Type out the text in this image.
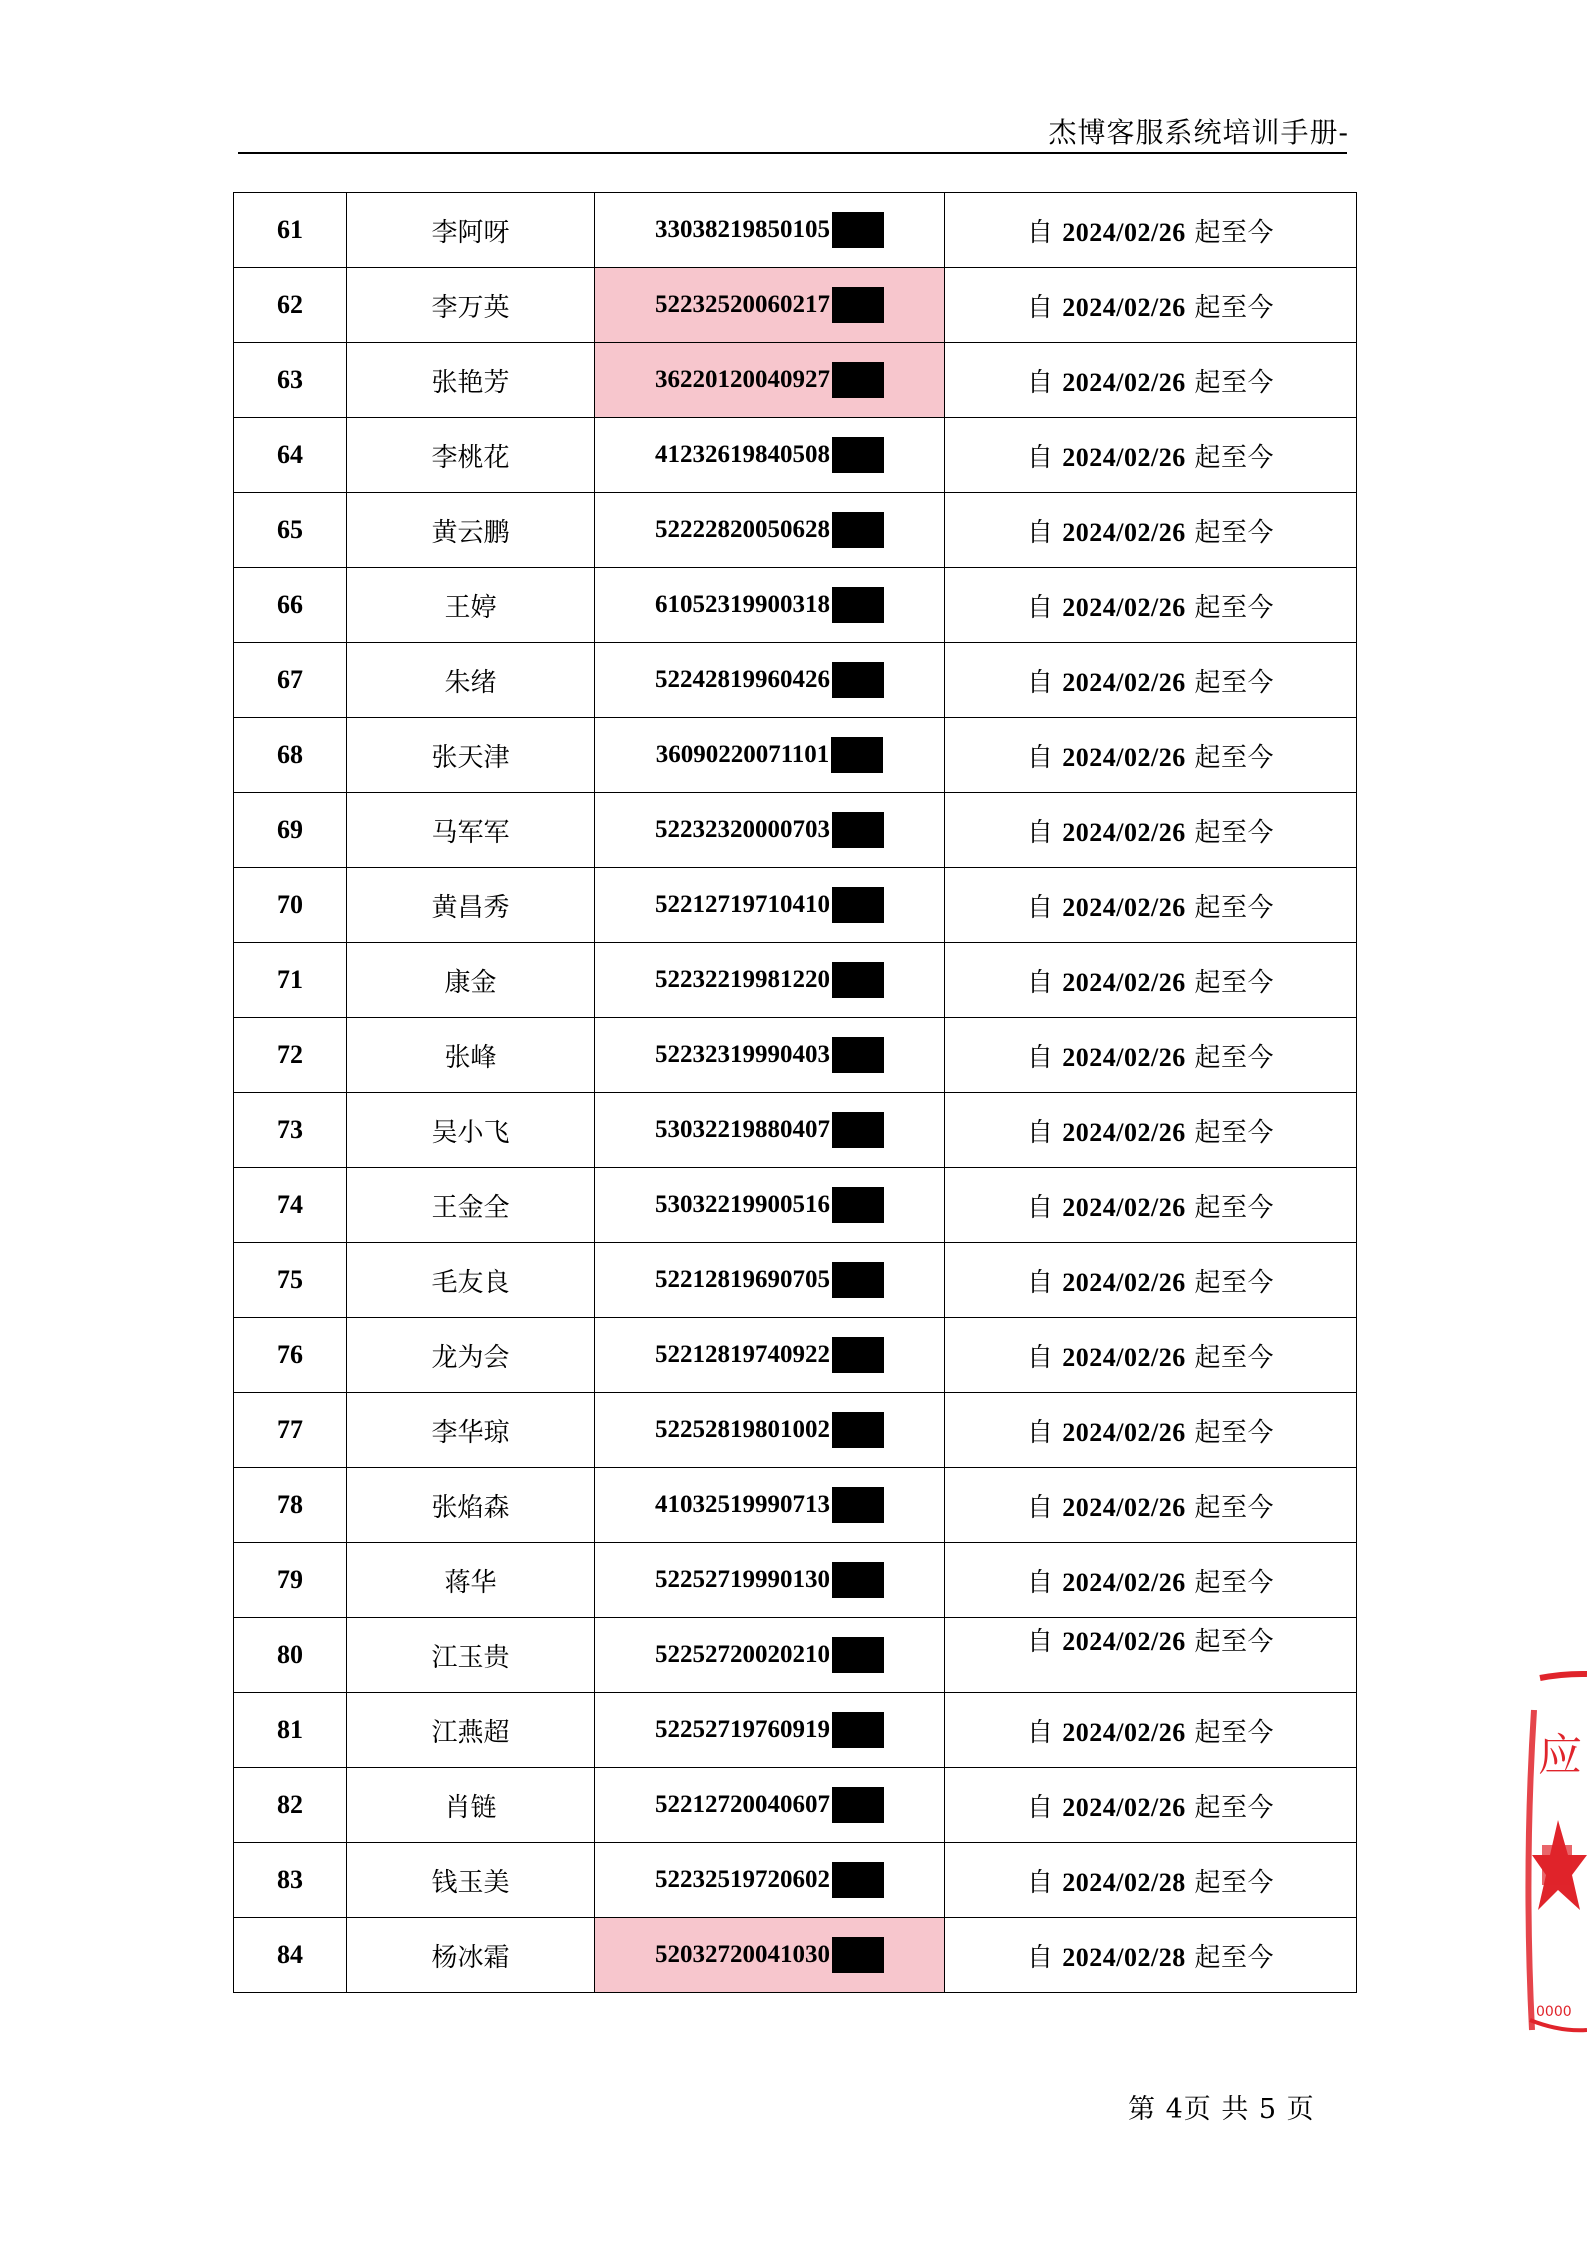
杰博客服系统培训手册-
61	李阿呀	33038219850105	自 2024/02/26 起至今
62	李万英	52232520060217	自 2024/02/26 起至今
63	张艳芳	36220120040927	自 2024/02/26 起至今
64	李桃花	41232619840508	自 2024/02/26 起至今
65	黄云鹏	52222820050628	自 2024/02/26 起至今
66	王婷	61052319900318	自 2024/02/26 起至今
67	朱绪	52242819960426	自 2024/02/26 起至今
68	张天津	36090220071101	自 2024/02/26 起至今
69	马军军	52232320000703	自 2024/02/26 起至今
70	黄昌秀	52212719710410	自 2024/02/26 起至今
71	康金	52232219981220	自 2024/02/26 起至今
72	张峰	52232319990403	自 2024/02/26 起至今
73	吴小飞	53032219880407	自 2024/02/26 起至今
74	王金全	53032219900516	自 2024/02/26 起至今
75	毛友良	52212819690705	自 2024/02/26 起至今
76	龙为会	52212819740922	自 2024/02/26 起至今
77	李华琼	52252819801002	自 2024/02/26 起至今
78	张焰森	41032519990713	自 2024/02/26 起至今
79	蒋华	52252719990130	自 2024/02/26 起至今
80	江玉贵	52252720020210	自 2024/02/26 起至今
81	江燕超	52252719760919	自 2024/02/26 起至今
82	肖链	52212720040607	自 2024/02/26 起至今
83	钱玉美	52232519720602	自 2024/02/28 起至今
84	杨冰霜	52032720041030	自 2024/02/28 起至今
第 4页 共 5 页
应
0000
